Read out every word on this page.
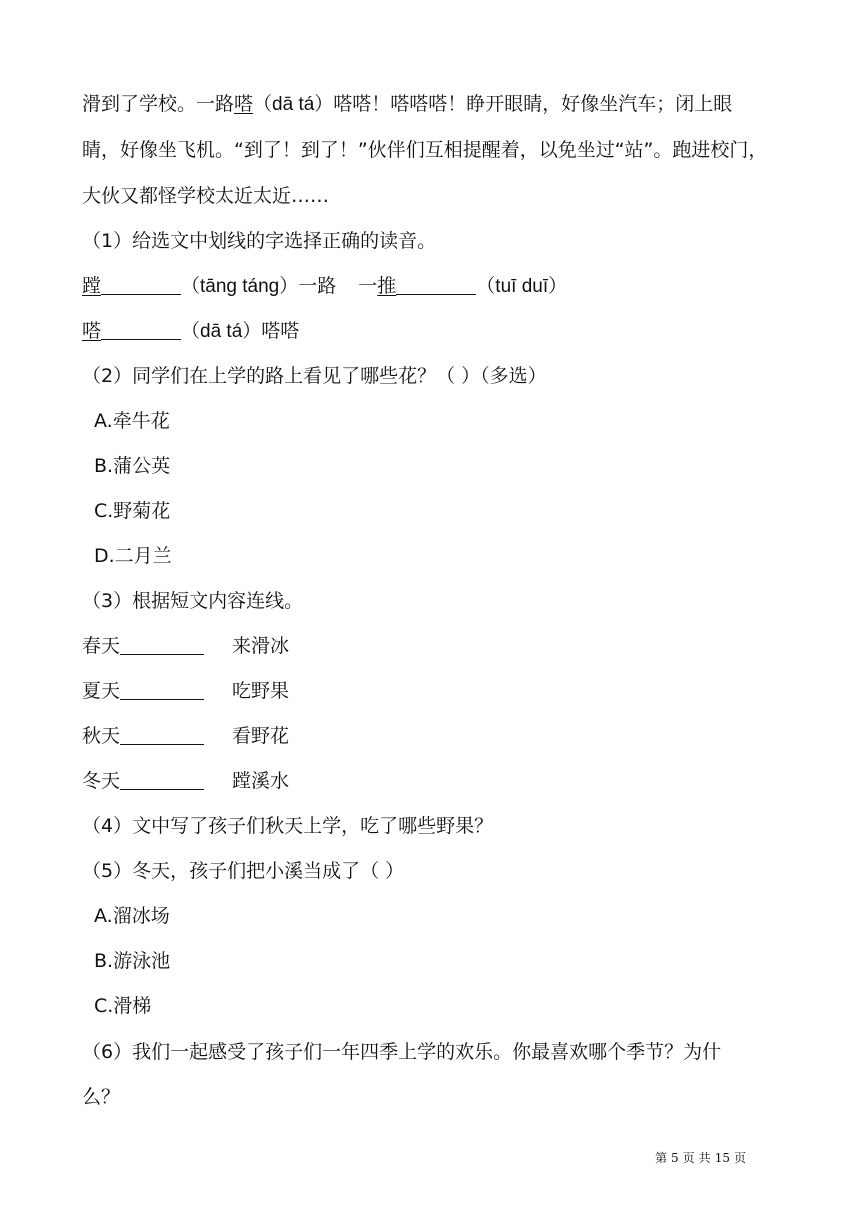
滑到了学校。一路嗒（dā tá）嗒嗒！嗒嗒嗒！睁开眼睛，好像坐汽车；闭上眼
睛，好像坐飞机。“到了！到了！”伙伴们互相提醒着，以免坐过“站”。跑进校门，
大伙又都怪学校太近太近……
（1）给选文中划线的字选择正确的读音。
蹚	（tāng táng）一路 一推	（tuī duī）
嗒	（dā tá）嗒嗒
（2）同学们在上学的路上看见了哪些花？（ ）（多选）
A.牵牛花
B.蒲公英
C.野菊花
D.二月兰
（3）根据短文内容连线。
春天	来滑冰
夏天	吃野果
秋天	看野花
冬天	蹚溪水
（4）文中写了孩子们秋天上学，吃了哪些野果？
（5）冬天，孩子们把小溪当成了（ ）
A.溜冰场
B.游泳池
C.滑梯
（6）我们一起感受了孩子们一年四季上学的欢乐。你最喜欢哪个季节？为什
么？
第 5 页 共 15 页
